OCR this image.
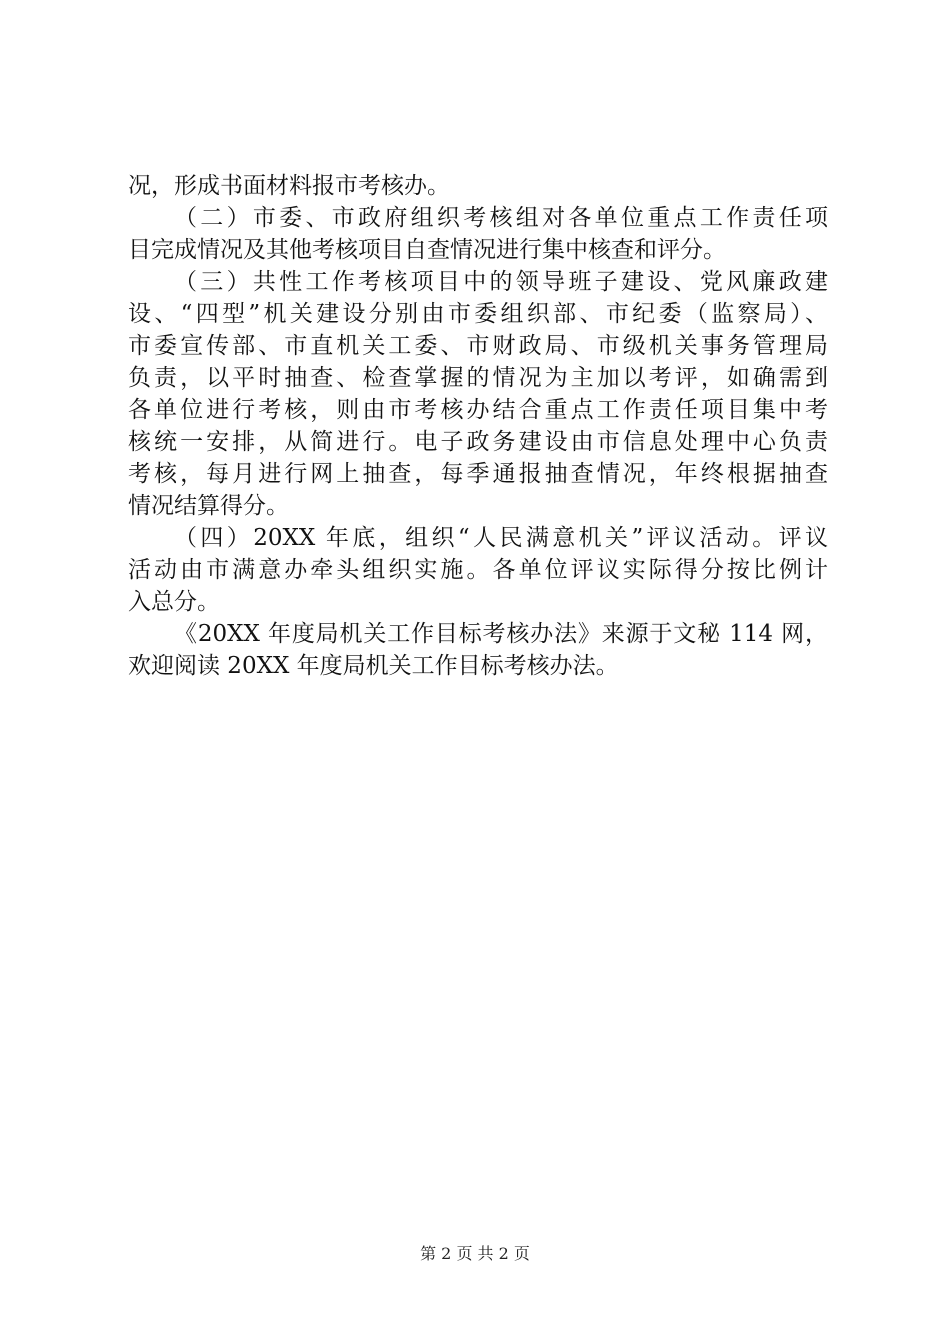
况，形成书面材料报市考核办。
（二）市委、市政府组织考核组对各单位重点工作责任项
目完成情况及其他考核项目自查情况进行集中核查和评分。
（三）共性工作考核项目中的领导班子建设、党风廉政建
设、“四型”机关建设分别由市委组织部、市纪委（监察局）、
市委宣传部、市直机关工委、市财政局、市级机关事务管理局
负责，以平时抽查、检查掌握的情况为主加以考评，如确需到
各单位进行考核，则由市考核办结合重点工作责任项目集中考
核统一安排，从简进行。电子政务建设由市信息处理中心负责
考核，每月进行网上抽查，每季通报抽查情况，年终根据抽查
情况结算得分。
（四）20XX 年底，组织“人民满意机关”评议活动。评议
活动由市满意办牵头组织实施。各单位评议实际得分按比例计
入总分。
《20XX 年度局机关工作目标考核办法》来源于文秘 114 网，
欢迎阅读 20XX 年度局机关工作目标考核办法。
第 2 页 共 2 页
